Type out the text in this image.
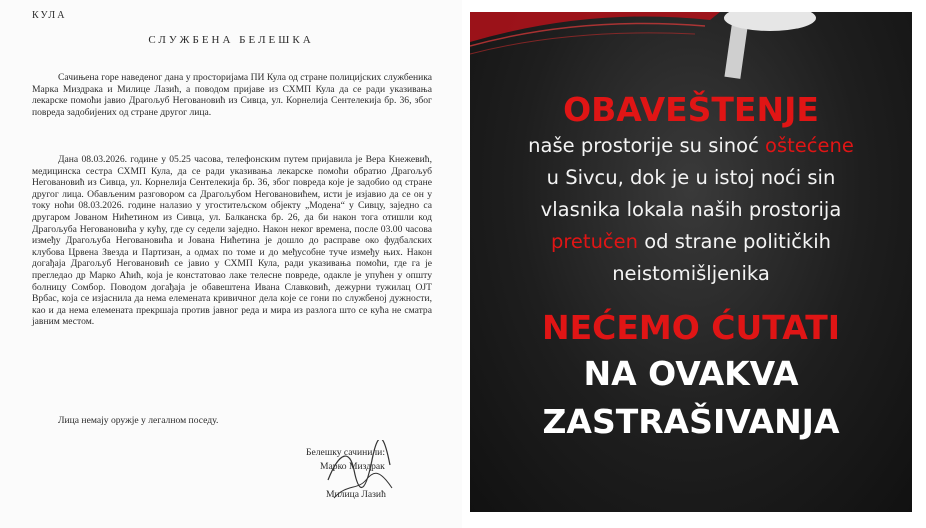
КУЛА
СЛУЖБЕНА БЕЛЕШКА

Сачињена горе наведеног дана у просторијама ПИ Кула од стране полицијских службеника Марка Миздрака и Милице Лазић, а поводом пријаве из СХМП Кула да се ради указивања лекарске помоћи јавио Драгољуб Неговановић из Сивца, ул. Корнелија Сентелекија бр. 36, због повреда задобијених од стране другог лица.

Дана 08.03.2026. године у 05.25 часова, телефонским путем пријавила је Вера Кнежевић, медицинска сестра СХМП Кула, да се ради указивања лекарске помоћи обратио Драгољуб Неговановић из Сивца, ул. Корнелија Сентелекија бр. 36, због повреда које је задобио од стране другог лица. Обављеним разговором са Драгољубом Неговановићем, исти је изјавио да се он у току ноћи 08.03.2026. године налазио у угоститељском објекту „Модена“ у Сивцу, заједно са другаром Јованом Нићетином из Сивца, ул. Балканска бр. 26, да би након тога отишли код Драгољуба Неговановића у кућу, где су седели заједно. Након неког времена, после 03.00 часова између Драгољуба Неговановића и Јована Нићетина је дошло до расправе око фудбалских клубова Црвена Звезда и Партизан, а одмах по томе и до међусобне туче између њих. Након догађаја Драгољуб Неговановић се јавио у СХМП Кула, ради указивања помоћи, где га је прегледао др Марко Аћић, која је констатовао лаке телесне повреде, одакле је упућен у општу болницу Сомбор. Поводом догађаја је обавештена Ивана Славковић, дежурни тужилац ОЈТ Врбас, која се изјаснила да нема елемената кривичног дела које се гони по службеној дужности, као и да нема елемената прекршаја против јавног реда и мира из разлога што се кућа не сматра јавним местом.

Лица немају оружје у легалном поседу.

Белешку сачинили:
Марко Миздрак
Милица Лазић
OBAVEŠTENJE
naše prostorije su sinoć oštećene
u Sivcu, dok je u istoj noći sin
vlasnika lokala naših prostorija
pretučen od strane političkih
neistomišljenika
NEĆEMO ĆUTATI
NA OVAKVA
ZASTRAŠIVANJA
